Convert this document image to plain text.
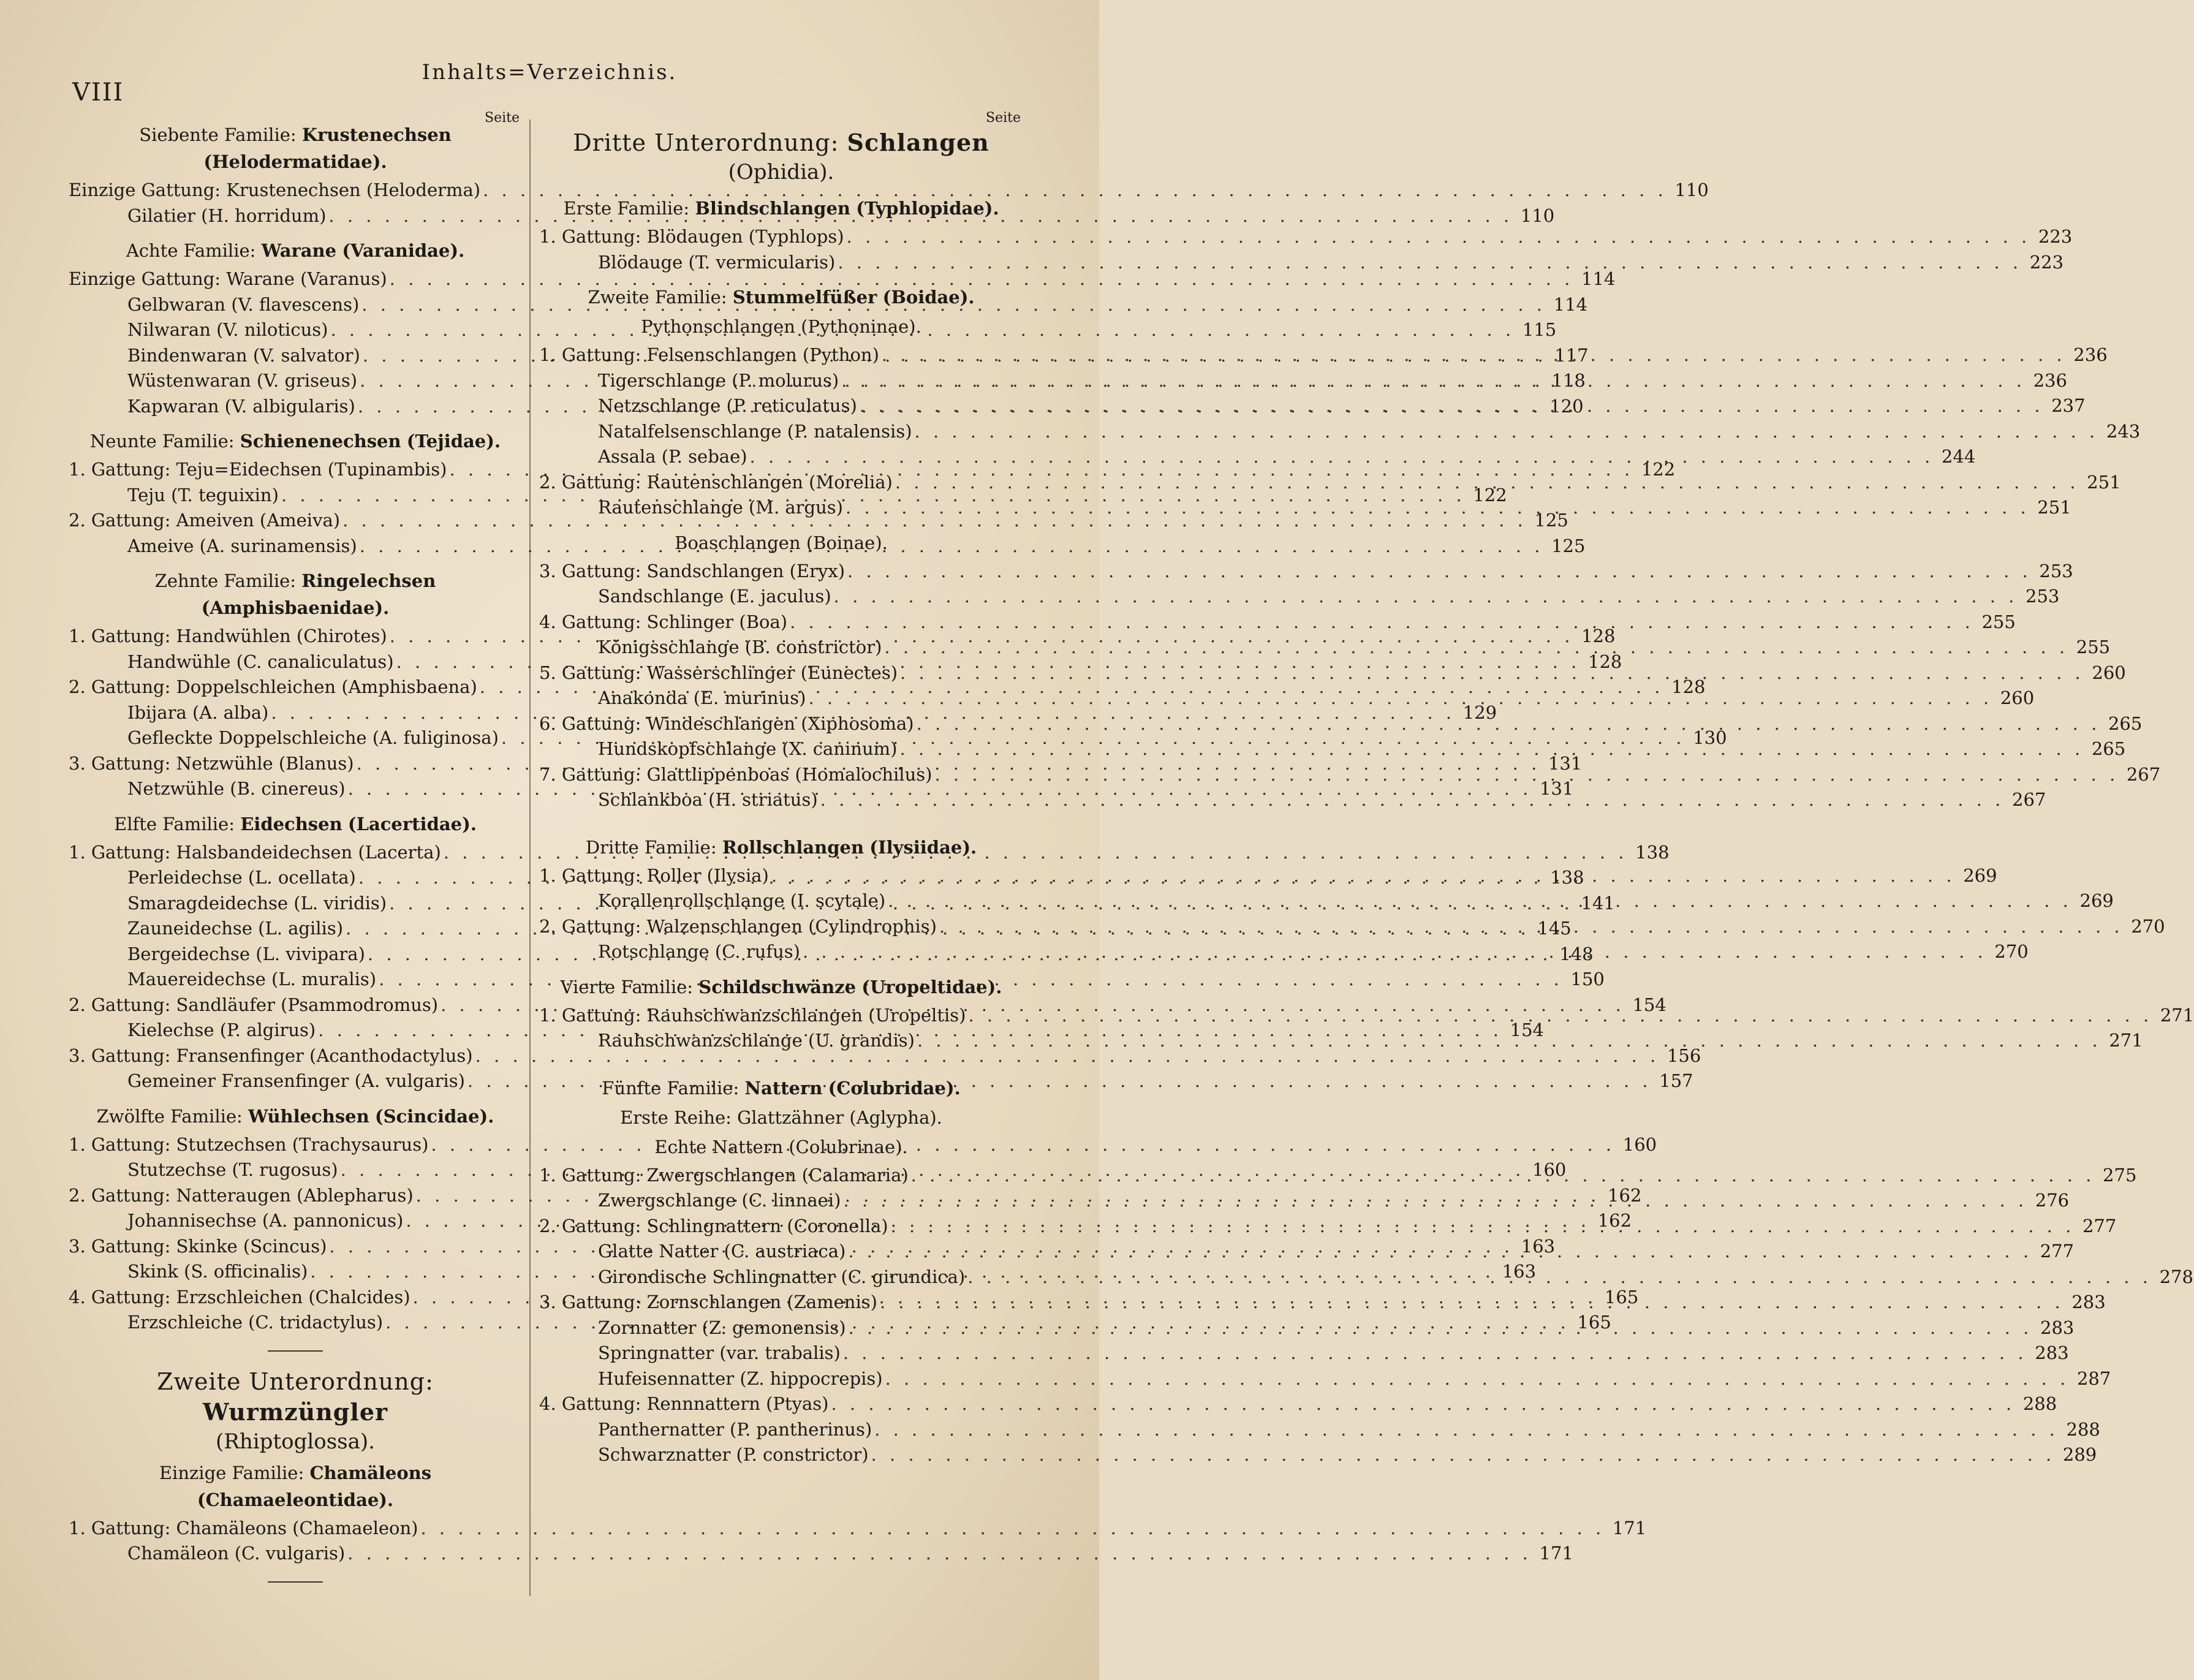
VIII
Inhalts=Verzeichnis.
Seite
Siebente Familie: Krustenechsen
(Helodermatidae).
Einzige Gattung: Krustenechsen (Heloderma) . . .	110
Gilatier (H. horridum) . . .	110
Achte Familie: Warane (Varanidae).
Einzige Gattung: Warane (Varanus) . . .	114
Gelbwaran (V. flavescens) . . .	114
Nilwaran (V. niloticus) . . .	115
Bindenwaran (V. salvator) . . .	117
Wüstenwaran (V. griseus) . . .	118
Kapwaran (V. albigularis) . . .	120
Neunte Familie: Schienenechsen (Tejidae).
1. Gattung: Teju=Eidechsen (Tupinambis) . . .	122
Teju (T. teguixin) . . .	122
2. Gattung: Ameiven (Ameiva) . . .	125
Ameive (A. surinamensis) . . .	125
Zehnte Familie: Ringelechsen (Amphisbaenidae).
1. Gattung: Handwühlen (Chirotes) . . .	128
Handwühle (C. canaliculatus) . . .	128
2. Gattung: Doppelschleichen (Amphisbaena) . . .	128
Ibijara (A. alba) . . .	129
Gefleckte Doppelschleiche (A. fuliginosa) . . .	130
3. Gattung: Netzwühle (Blanus) . . .	131
Netzwühle (B. cinereus) . . .	131
Elfte Familie: Eidechsen (Lacertidae).
1. Gattung: Halsbandeidechsen (Lacerta) . . .	138
Perleidechse (L. ocellata) . . .	138
Smaragdeidechse (L. viridis) . . .	141
Zauneidechse (L. agilis) . . .	145
Bergeidechse (L. vivipara) . . .	148
Mauereidechse (L. muralis) . . .	150
2. Gattung: Sandläufer (Psammodromus) . . .	154
Kielechse (P. algirus) . . .	154
3. Gattung: Fransenfinger (Acanthodactylus) . . .	156
Gemeiner Fransenfinger (A. vulgaris) . . .	157
Zwölfte Familie: Wühlechsen (Scincidae).
1. Gattung: Stutzechsen (Trachysaurus) . . .	160
Stutzechse (T. rugosus) . . .	160
2. Gattung: Natteraugen (Ablepharus) . . .	162
Johannisechse (A. pannonicus) . . .	162
3. Gattung: Skinke (Scincus) . . .	163
Skink (S. officinalis) . . .	163
4. Gattung: Erzschleichen (Chalcides) . . .	165
Erzschleiche (C. tridactylus) . . .	165
Zweite Unterordnung: Wurmzüngler
(Rhiptoglossa).
Einzige Familie: Chamäleons (Chamaeleontidae).
1. Gattung: Chamäleons (Chamaeleon) . . .	171
Chamäleon (C. vulgaris) . . .	171
Seite
Dritte Unterordnung: Schlangen
(Ophidia).
Erste Familie: Blindschlangen (Typhlopidae).
1. Gattung: Blödaugen (Typhlops) . . .	223
Blödauge (T. vermicularis) . . .	223
Zweite Familie: Stummelfüßer (Boidae).
Pythonschlangen (Pythoninae).
1. Gattung: Felsenschlangen (Python) . . .	236
Tigerschlange (P. molurus) . . .	236
Netzschlange (P. reticulatus) . . .	237
Natalfelsenschlange (P. natalensis) . . .	243
Assala (P. sebae) . . .	244
2. Gattung: Rautenschlangen (Morelia) . . .	251
Rautenschlange (M. argus) . . .	251
Boaschlangen (Boinae).
3. Gattung: Sandschlangen (Eryx) . . .	253
Sandschlange (E. jaculus) . . .	253
4. Gattung: Schlinger (Boa) . . .	255
Königsschlange (B. constrictor) . . .	255
5. Gattung: Wasserschlinger (Eunectes) . . .	260
Anakonda (E. murinus) . . .	260
6. Gattung: Windeschlangen (Xiphosoma) . . .	265
Hundskopfschlange (X. caninum) . . .	265
7. Gattung: Glattlippenboas (Homalochilus) . . .	267
Schlankboa (H. striatus) . . .	267
Dritte Familie: Rollschlangen (Ilysiidae).
1. Gattung: Roller (Ilysia) . . .	269
Korallenrollschlange (I. scytale) . . .	269
2. Gattung: Walzenschlangen (Cylindrophis) . . .	270
Rotschlange (C. rufus) . . .	270
Vierte Familie: Schildschwänze (Uropeltidae).
1. Gattung: Rauhschwanzschlangen (Uropeltis) . . .	271
Rauhschwanzschlange (U. grandis) . . .	271
Fünfte Familie: Nattern (Colubridae).
Erste Reihe: Glattzähner (Aglypha).
Echte Nattern (Colubrinae).
1. Gattung: Zwergschlangen (Calamaria) . . .	275
Zwergschlange (C. linnaei) . . .	276
2. Gattung: Schlingnattern (Coronella) . . .	277
Glatte Natter (C. austriaca) . . .	277
Girondische Schlingnatter (C. girundica) . . .	278
3. Gattung: Zornschlangen (Zamenis) . . .	283
Zornnatter (Z. gemonensis) . . .	283
Springnatter (var. trabalis) . . .	283
Hufeisennatter (Z. hippocrepis) . . .	287
4. Gattung: Rennnattern (Ptyas) . . .	288
Panthernatter (P. pantherinus) . . .	288
Schwarznatter (P. constrictor) . . .	289
